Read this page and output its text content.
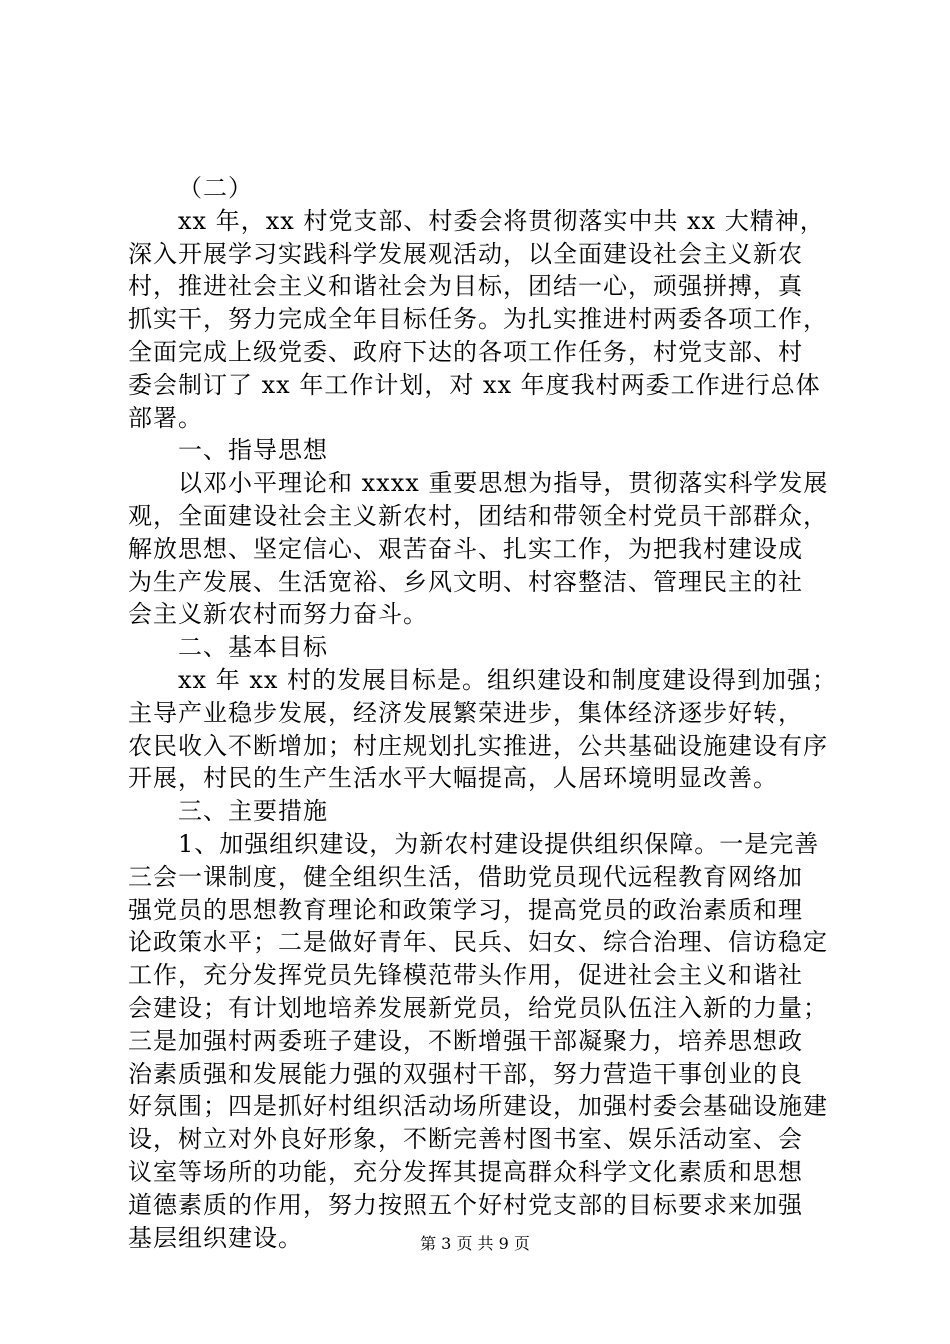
（二）
xx 年，xx 村党支部、村委会将贯彻落实中共 xx 大精神，
深入开展学习实践科学发展观活动，以全面建设社会主义新农
村，推进社会主义和谐社会为目标，团结一心，顽强拼搏，真
抓实干，努力完成全年目标任务。为扎实推进村两委各项工作，
全面完成上级党委、政府下达的各项工作任务，村党支部、村
委会制订了 xx 年工作计划，对 xx 年度我村两委工作进行总体
部署。
一、指导思想
以邓小平理论和 xxxx 重要思想为指导，贯彻落实科学发展
观，全面建设社会主义新农村，团结和带领全村党员干部群众，
解放思想、坚定信心、艰苦奋斗、扎实工作，为把我村建设成
为生产发展、生活宽裕、乡风文明、村容整洁、管理民主的社
会主义新农村而努力奋斗。
二、基本目标
xx 年 xx 村的发展目标是。组织建设和制度建设得到加强；
主导产业稳步发展，经济发展繁荣进步，集体经济逐步好转，
农民收入不断增加；村庄规划扎实推进，公共基础设施建设有序
开展，村民的生产生活水平大幅提高，人居环境明显改善。
三、主要措施
1、加强组织建设，为新农村建设提供组织保障。一是完善
三会一课制度，健全组织生活，借助党员现代远程教育网络加
强党员的思想教育理论和政策学习，提高党员的政治素质和理
论政策水平；二是做好青年、民兵、妇女、综合治理、信访稳定
工作，充分发挥党员先锋模范带头作用，促进社会主义和谐社
会建设；有计划地培养发展新党员，给党员队伍注入新的力量；
三是加强村两委班子建设，不断增强干部凝聚力，培养思想政
治素质强和发展能力强的双强村干部，努力营造干事创业的良
好氛围；四是抓好村组织活动场所建设，加强村委会基础设施建
设，树立对外良好形象，不断完善村图书室、娱乐活动室、会
议室等场所的功能，充分发挥其提高群众科学文化素质和思想
道德素质的作用，努力按照五个好村党支部的目标要求来加强
基层组织建设。	第 3 页 共 9 页
